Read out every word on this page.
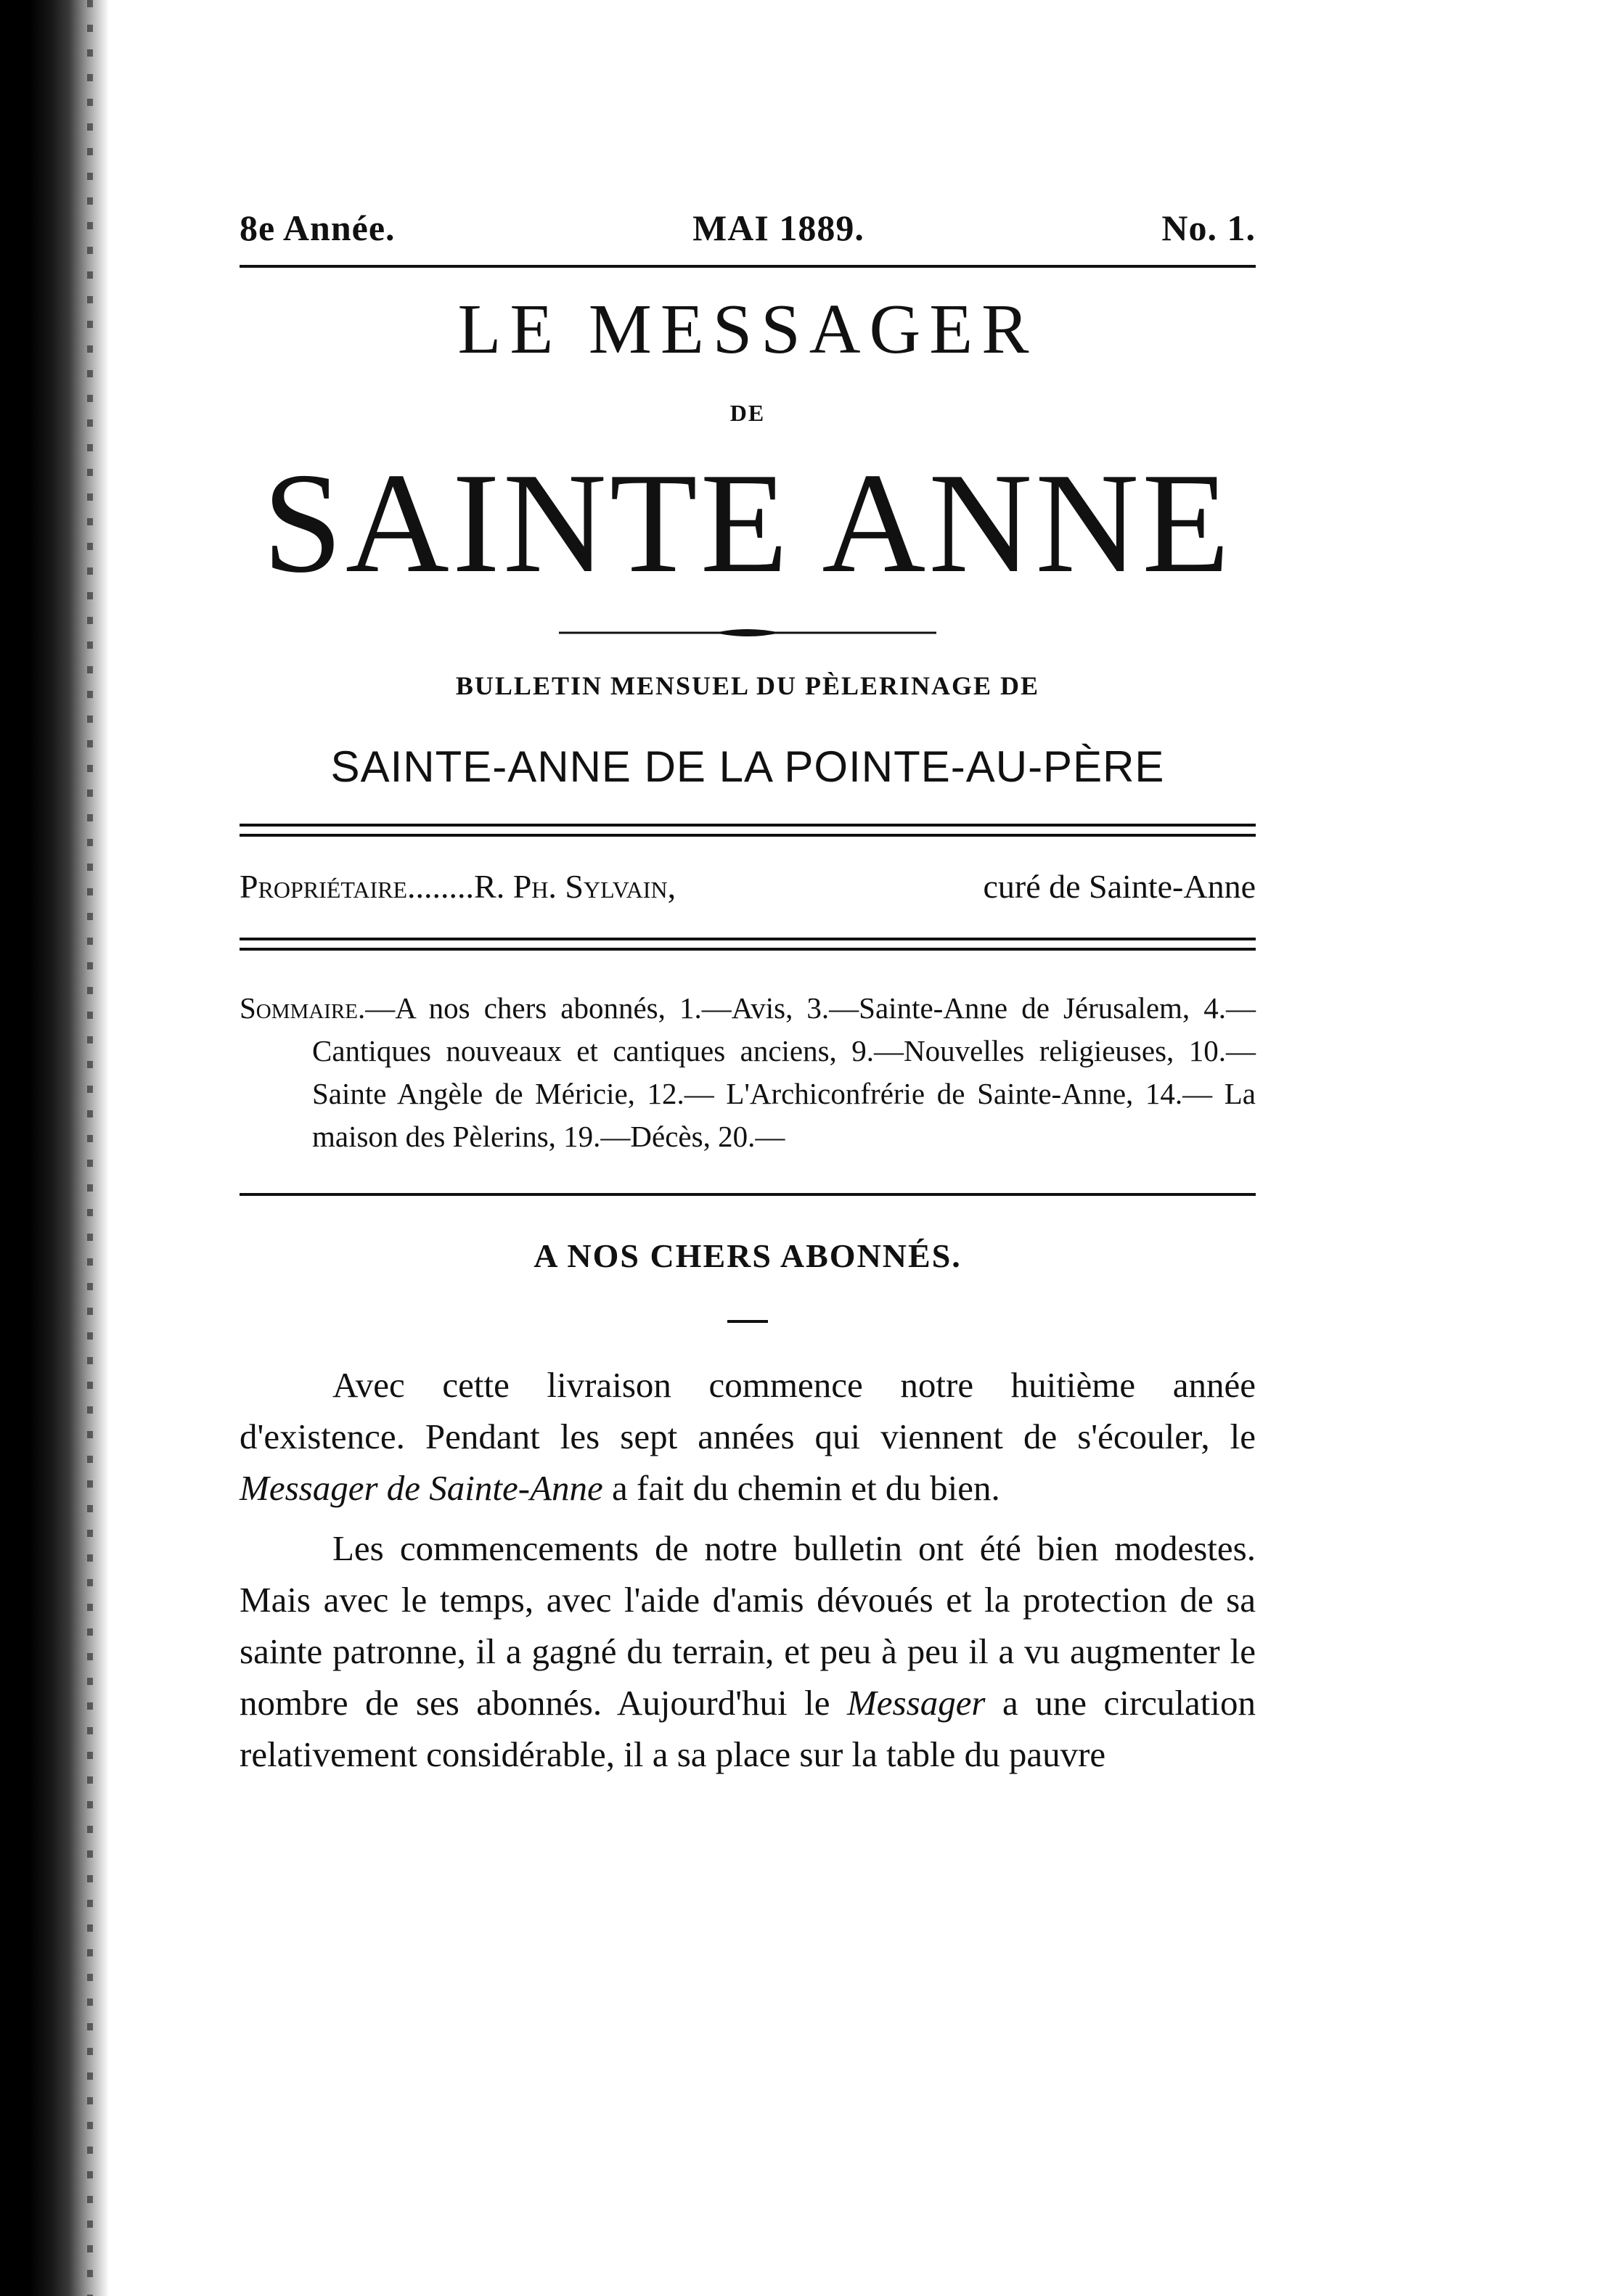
8e Année.	MAI 1889.	No. 1.
LE MESSAGER
DE
SAINTE ANNE
BULLETIN MENSUEL DU PÈLERINAGE DE
SAINTE-ANNE DE LA POINTE-AU-PÈRE
Propriétaire........R. Ph. Sylvain,	curé de Sainte-Anne
Sommaire.—A nos chers abonnés, 1.—Avis, 3.—Sainte-Anne de Jérusalem, 4.—Cantiques nouveaux et cantiques anciens, 9.—Nouvelles religieuses, 10.—Sainte Angèle de Méricie, 12.— L'Archiconfrérie de Sainte-Anne, 14.— La maison des Pèlerins, 19.—Décès, 20.—
A NOS CHERS ABONNÉS.

Avec cette livraison commence notre huitième année d'existence. Pendant les sept années qui viennent de s'écouler, le Messager de Sainte-Anne a fait du chemin et du bien.

Les commencements de notre bulletin ont été bien modestes. Mais avec le temps, avec l'aide d'amis dévoués et la protection de sa sainte patronne, il a gagné du terrain, et peu à peu il a vu augmenter le nombre de ses abonnés. Aujourd'hui le Messager a une circulation relativement considérable, il a sa place sur la table du pauvre
